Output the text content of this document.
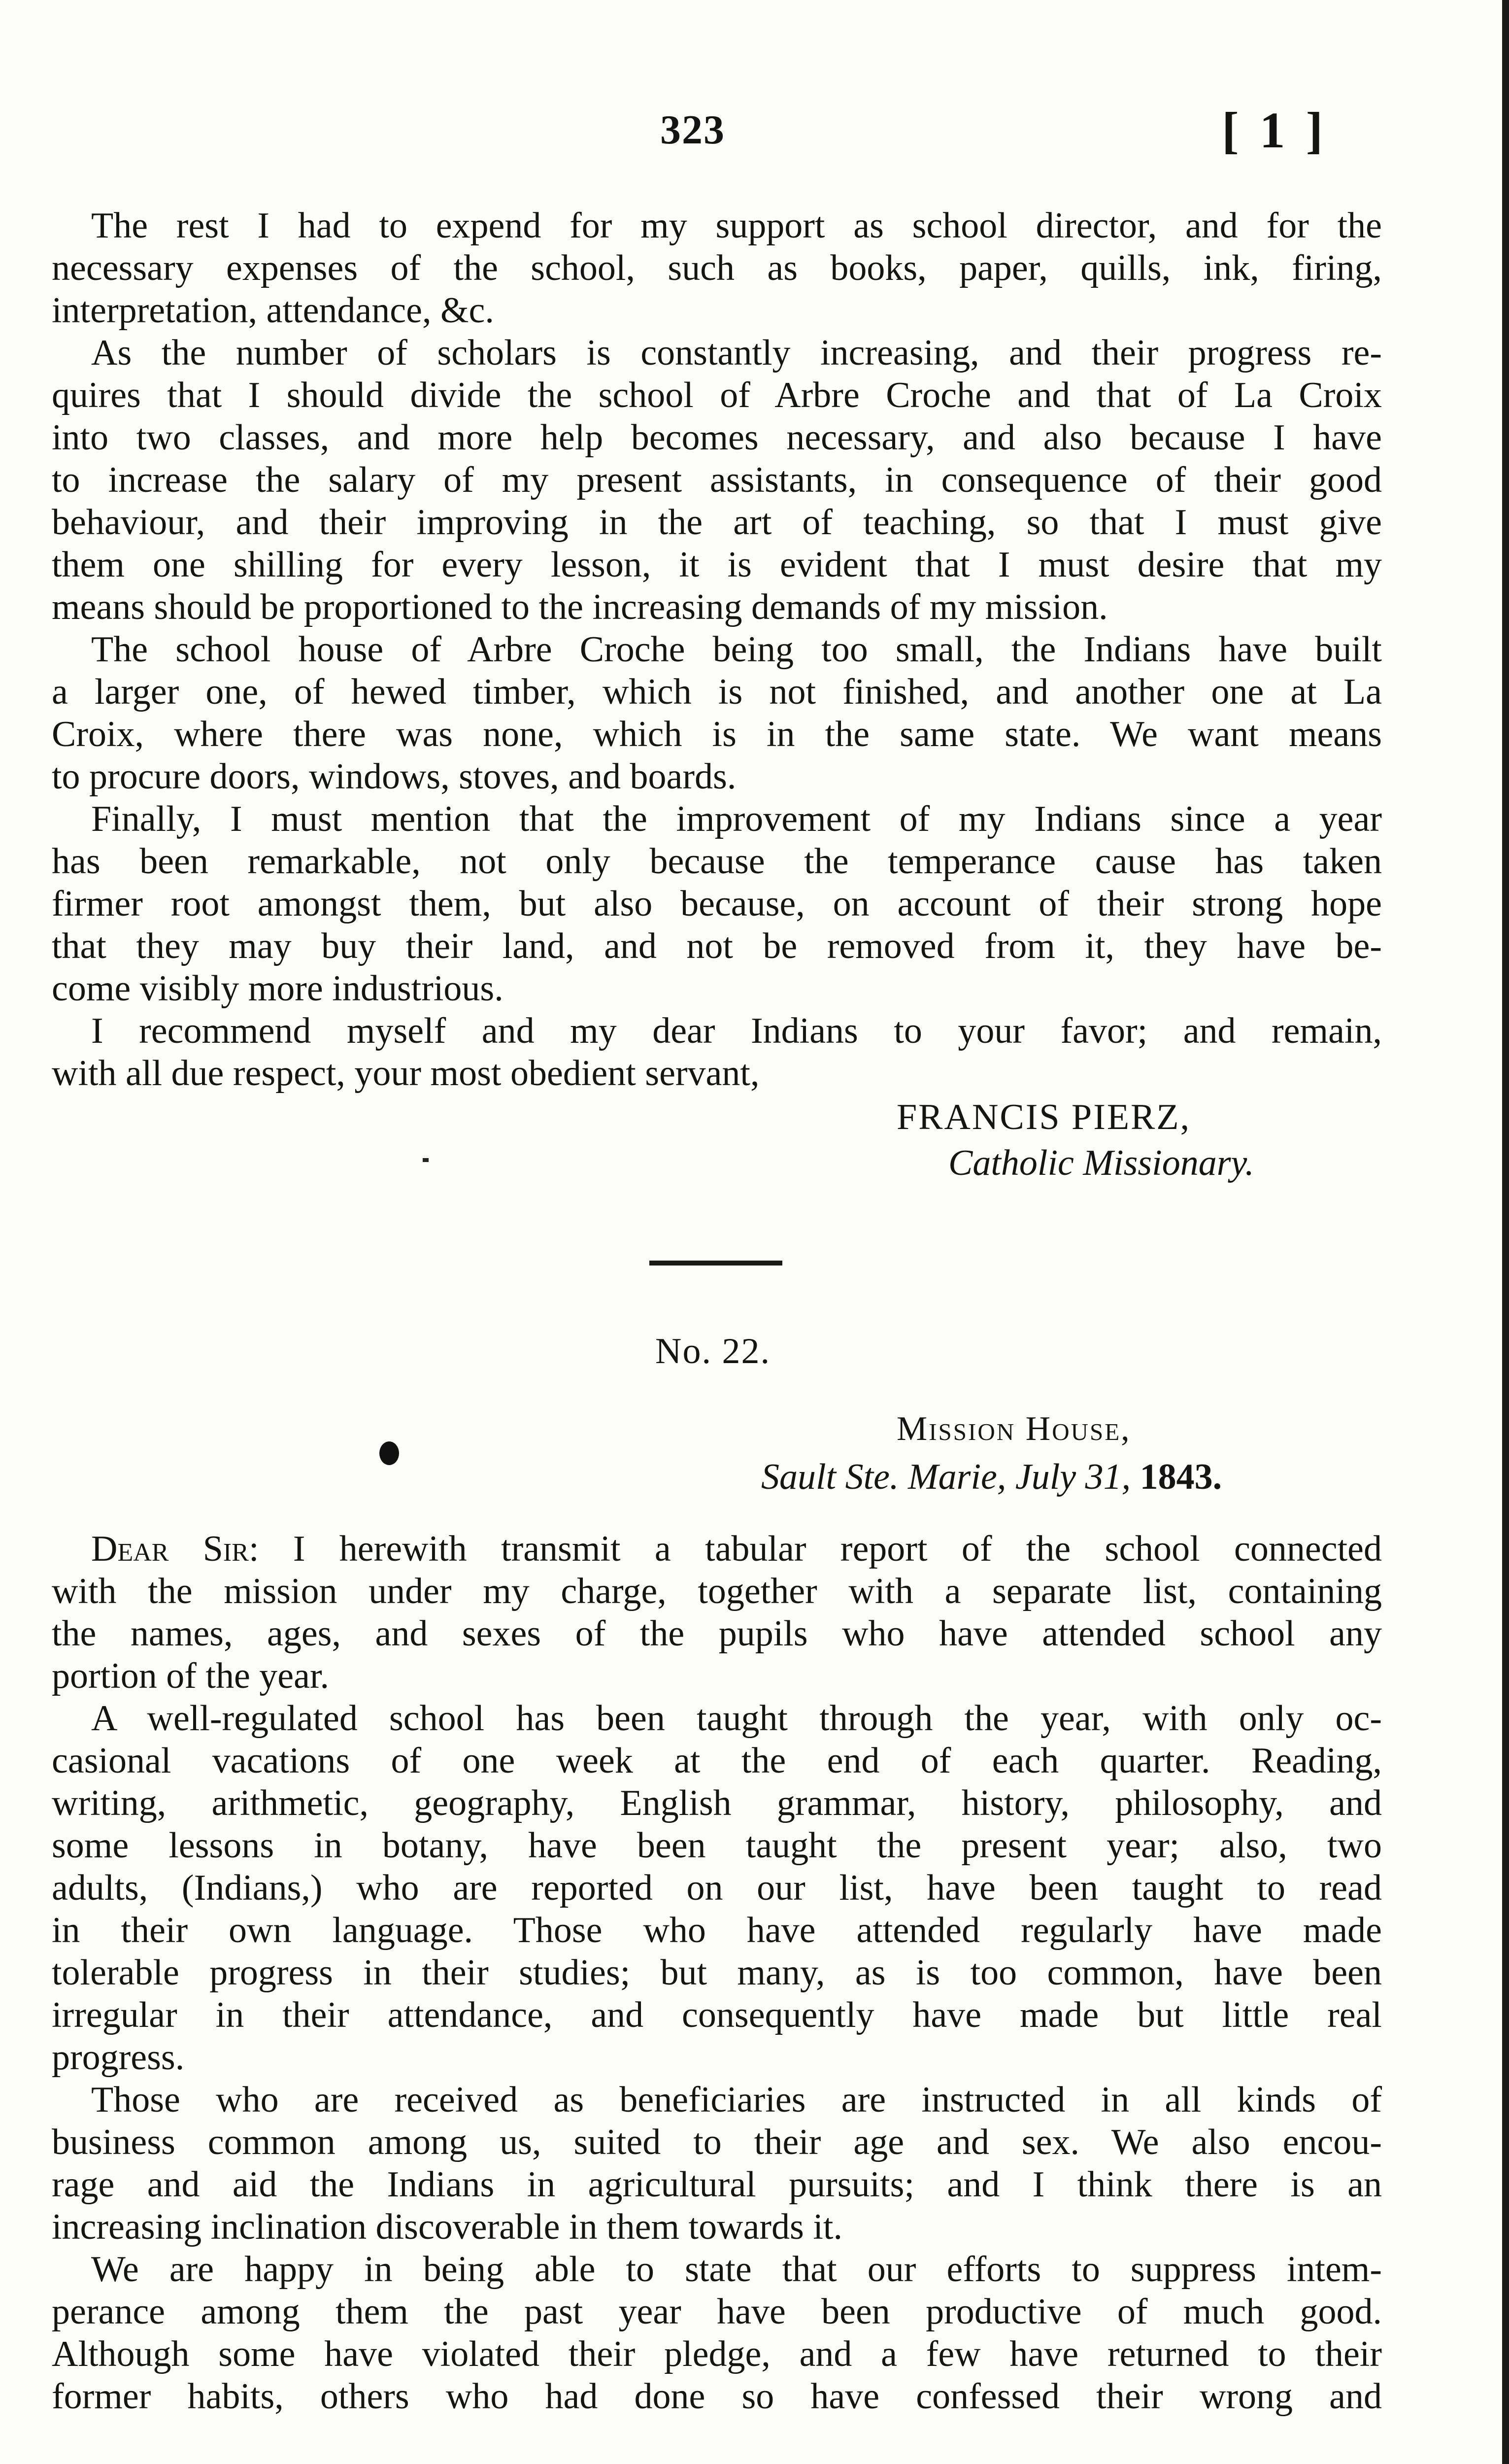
323	[ 1 ]
The rest I had to expend for my support as school director, and for the
necessary expenses of the school, such as books, paper, quills, ink, firing,
interpretation, attendance, &c.
As the number of scholars is constantly increasing, and their progress re-
quires that I should divide the school of Arbre Croche and that of La Croix
into two classes, and more help becomes necessary, and also because I have
to increase the salary of my present assistants, in consequence of their good
behaviour, and their improving in the art of teaching, so that I must give
them one shilling for every lesson, it is evident that I must desire that my
means should be proportioned to the increasing demands of my mission.
The school house of Arbre Croche being too small, the Indians have built
a larger one, of hewed timber, which is not finished, and another one at La
Croix, where there was none, which is in the same state. We want means
to procure doors, windows, stoves, and boards.
Finally, I must mention that the improvement of my Indians since a year
has been remarkable, not only because the temperance cause has taken
firmer root amongst them, but also because, on account of their strong hope
that they may buy their land, and not be removed from it, they have be-
come visibly more industrious.
I recommend myself and my dear Indians to your favor; and remain,
with all due respect, your most obedient servant,
FRANCIS PIERZ,
Catholic Missionary.
No. 22.
Mission House,
Sault Ste. Marie, July 31, 1843.
Dear Sir: I herewith transmit a tabular report of the school connected
with the mission under my charge, together with a separate list, containing
the names, ages, and sexes of the pupils who have attended school any
portion of the year.
A well-regulated school has been taught through the year, with only oc-
casional vacations of one week at the end of each quarter. Reading,
writing, arithmetic, geography, English grammar, history, philosophy, and
some lessons in botany, have been taught the present year; also, two
adults, (Indians,) who are reported on our list, have been taught to read
in their own language. Those who have attended regularly have made
tolerable progress in their studies; but many, as is too common, have been
irregular in their attendance, and consequently have made but little real
progress.
Those who are received as beneficiaries are instructed in all kinds of
business common among us, suited to their age and sex. We also encou-
rage and aid the Indians in agricultural pursuits; and I think there is an
increasing inclination discoverable in them towards it.
We are happy in being able to state that our efforts to suppress intem-
perance among them the past year have been productive of much good.
Although some have violated their pledge, and a few have returned to their
former habits, others who had done so have confessed their wrong and
